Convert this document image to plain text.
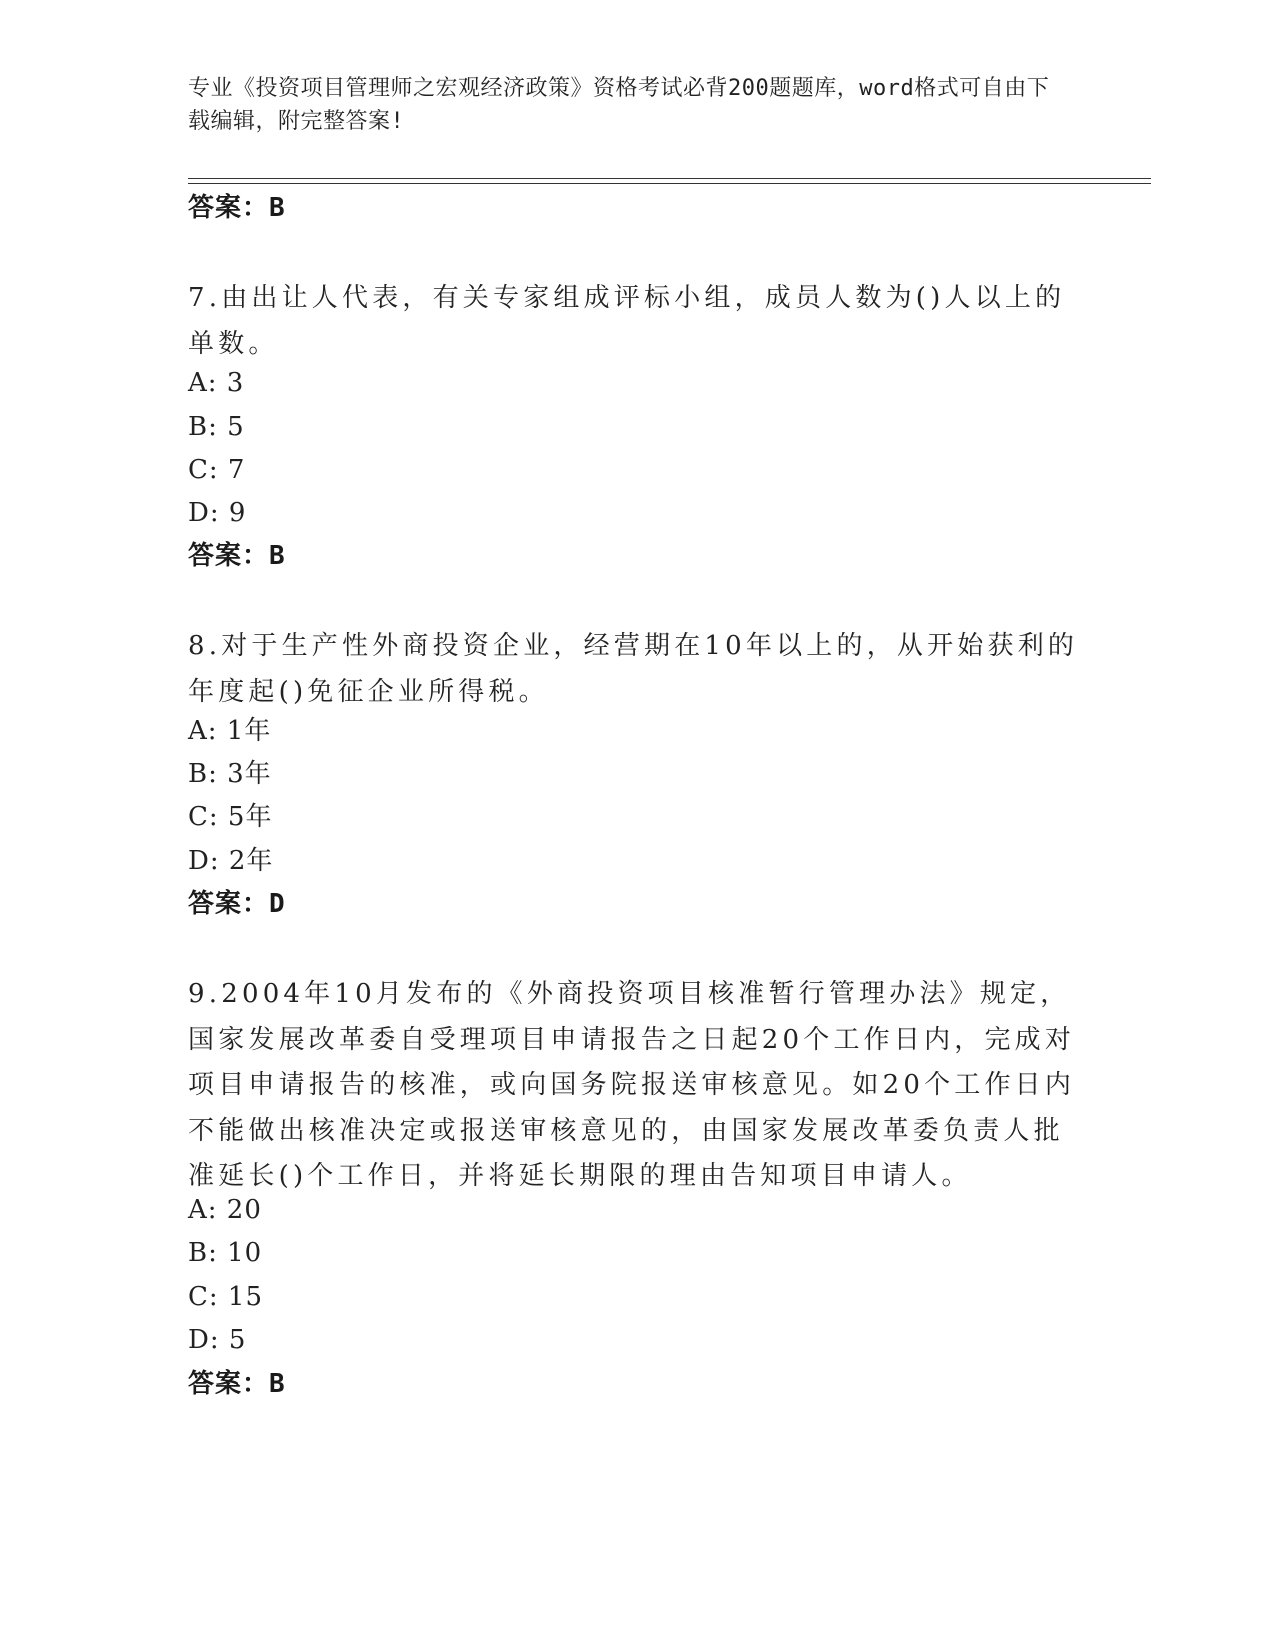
专业《投资项目管理师之宏观经济政策》资格考试必背200题题库，word格式可自由下载编辑，附完整答案!
答案：B
7.由出让人代表，有关专家组成评标小组，成员人数为()人以上的单数。
A: 3
B: 5
C: 7
D: 9
答案：B
8.对于生产性外商投资企业，经营期在10年以上的，从开始获利的年度起()免征企业所得税。
A: 1年
B: 3年
C: 5年
D: 2年
答案：D
9.2004年10月发布的《外商投资项目核准暂行管理办法》规定，国家发展改革委自受理项目申请报告之日起20个工作日内，完成对项目申请报告的核准，或向国务院报送审核意见。如20个工作日内不能做出核准决定或报送审核意见的，由国家发展改革委负责人批准延长()个工作日，并将延长期限的理由告知项目申请人。
A: 20
B: 10
C: 15
D: 5
答案：B
